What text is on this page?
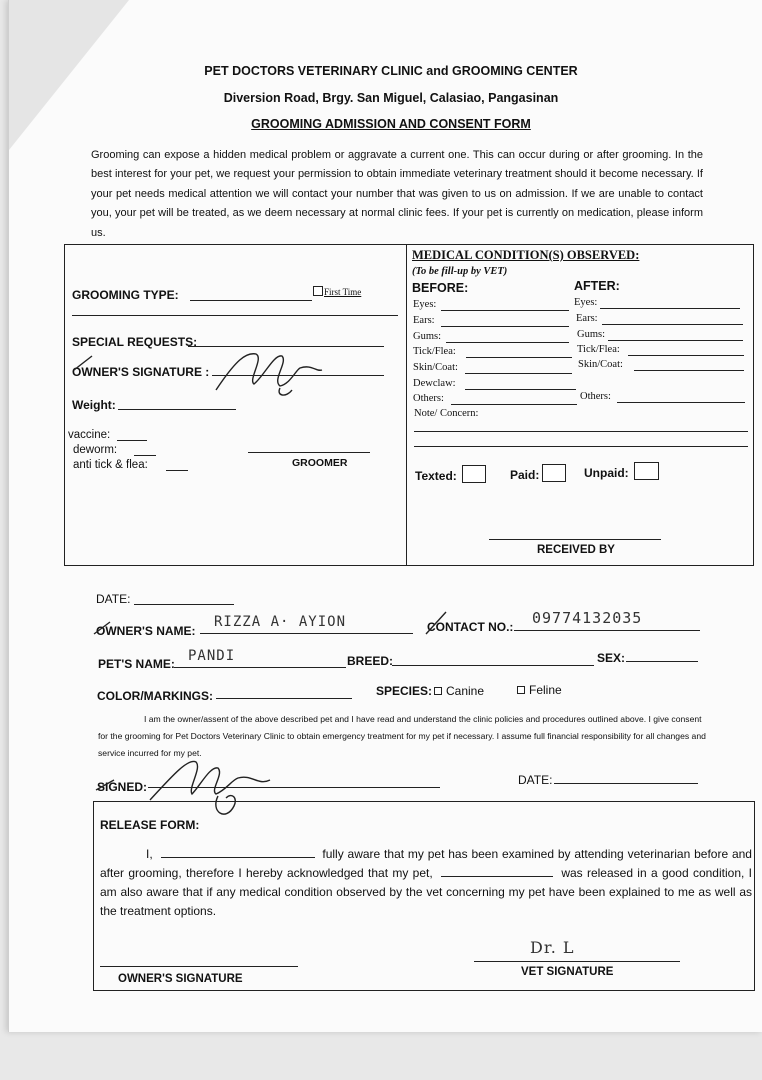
PET DOCTORS VETERINARY CLINIC and GROOMING CENTER
Diversion Road, Brgy. San Miguel, Calasiao, Pangasinan
GROOMING ADMISSION AND CONSENT FORM
Grooming can expose a hidden medical problem or aggravate a current one. This can occur during or after grooming. In the best interest for your pet, we request your permission to obtain immediate veterinary treatment should it become necessary. If your pet needs medical attention we will contact your number that was given to us on admission. If we are unable to contact you, your pet will be treated, as we deem necessary at normal clinic fees. If your pet is currently on medication, please inform us.
GROOMING TYPE:	First Time
SPECIAL REQUESTS:
OWNER'S SIGNATURE :
Weight:
vaccine:
deworm:
anti tick & flea:	GROOMER
MEDICAL CONDITION(S) OBSERVED:
(To be fill-up by VET)
BEFORE:	AFTER:
Eyes:
Ears:
Gums:
Tick/Flea:
Skin/Coat:
Dewclaw:
Others:
Eyes:
Ears:
Gums:
Tick/Flea:
Skin/Coat:
Others:
Note/ Concern:
Texted:	Paid:	Unpaid:
RECEIVED BY
DATE:
OWNER'S NAME:
RIZZA A· AYION	CONTACT NO.: 09774132035
PET'S NAME: PANDI	BREED:	SEX:
COLOR/MARKINGS:	SPECIES: Canine	Feline
I am the owner/assent of the above described pet and I have read and understand the clinic policies and procedures outlined above. I give consent for the grooming for Pet Doctors Veterinary Clinic to obtain emergency treatment for my pet if necessary. I assume full financial responsibility for all changes and service incurred for my pet.
SIGNED:	DATE:
RELEASE FORM:
I,	fully aware that my pet has been examined by attending veterinarian before and after grooming, therefore I hereby acknowledged that my pet,	was released in a good condition, I am also aware that if any medical condition observed by the vet concerning my pet have been explained to me as well as the treatment options.
OWNER'S SIGNATURE
Dr. L
VET SIGNATURE
